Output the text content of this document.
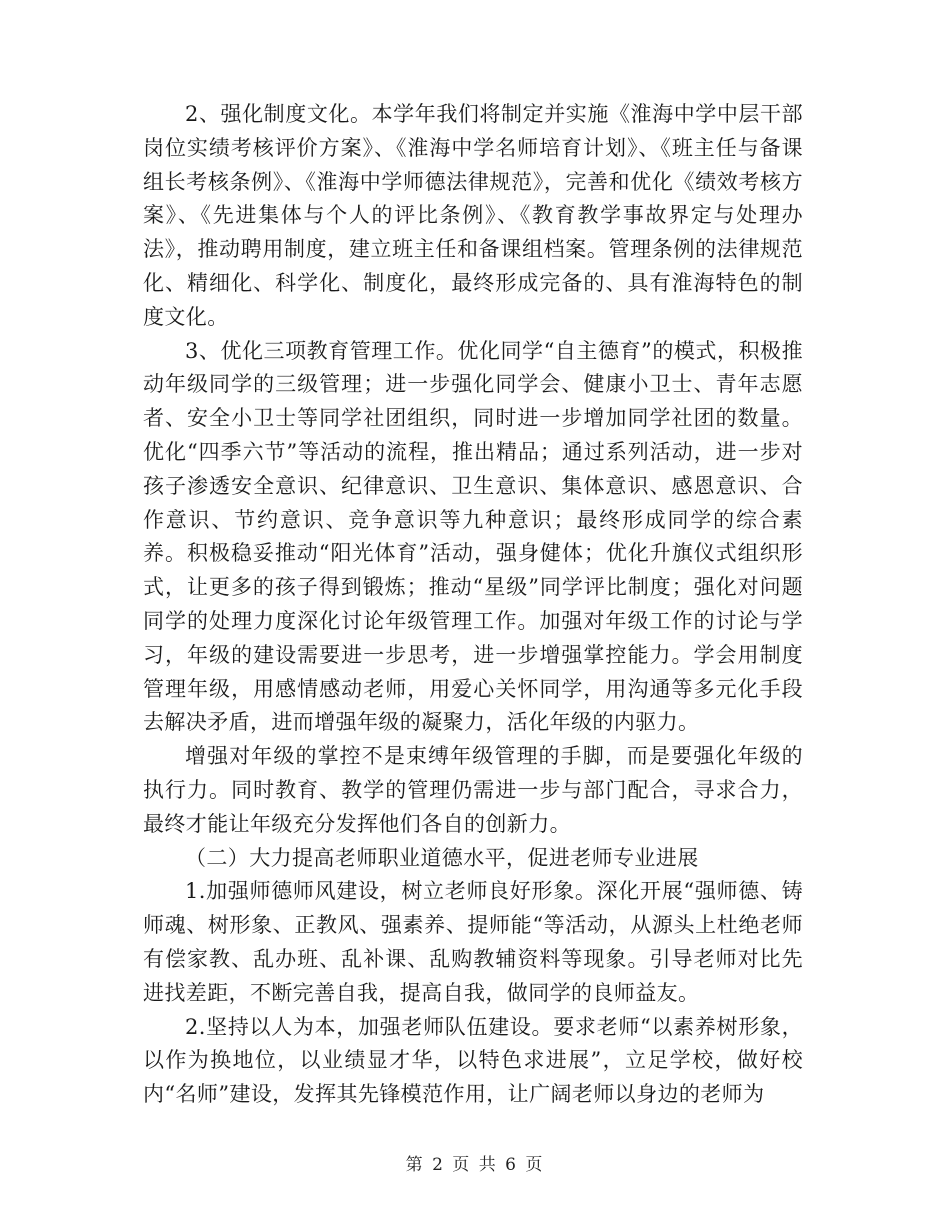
2、强化制度文化。本学年我们将制定并实施《淮海中学中层干部岗位实绩考核评价方案》、《淮海中学名师培育计划》、《班主任与备课组长考核条例》、《淮海中学师德法律规范》，完善和优化《绩效考核方案》、《先进集体与个人的评比条例》、《教育教学事故界定与处理办法》，推动聘用制度，建立班主任和备课组档案。管理条例的法律规范化、精细化、科学化、制度化，最终形成完备的、具有淮海特色的制度文化。

3、优化三项教育管理工作。优化同学“自主德育”的模式，积极推动年级同学的三级管理；进一步强化同学会、健康小卫士、青年志愿者、安全小卫士等同学社团组织，同时进一步增加同学社团的数量。优化“四季六节”等活动的流程，推出精品；通过系列活动，进一步对孩子渗透安全意识、纪律意识、卫生意识、集体意识、感恩意识、合作意识、节约意识、竞争意识等九种意识；最终形成同学的综合素养。积极稳妥推动“阳光体育”活动，强身健体；优化升旗仪式组织形式，让更多的孩子得到锻炼；推动“星级”同学评比制度；强化对问题同学的处理力度深化讨论年级管理工作。加强对年级工作的讨论与学习，年级的建设需要进一步思考，进一步增强掌控能力。学会用制度管理年级，用感情感动老师，用爱心关怀同学，用沟通等多元化手段去解决矛盾，进而增强年级的凝聚力，活化年级的内驱力。

增强对年级的掌控不是束缚年级管理的手脚，而是要强化年级的执行力。同时教育、教学的管理仍需进一步与部门配合，寻求合力，最终才能让年级充分发挥他们各自的创新力。

（二）大力提高老师职业道德水平，促进老师专业进展

1.加强师德师风建设，树立老师良好形象。深化开展“强师德、铸师魂、树形象、正教风、强素养、提师能“等活动，从源头上杜绝老师有偿家教、乱办班、乱补课、乱购教辅资料等现象。引导老师对比先进找差距，不断完善自我，提高自我，做同学的良师益友。

2.坚持以人为本，加强老师队伍建设。要求老师“以素养树形象，以作为换地位，以业绩显才华，以特色求进展”，立足学校，做好校内“名师”建设，发挥其先锋模范作用，让广阔老师以身边的老师为

第 2 页 共 6 页
